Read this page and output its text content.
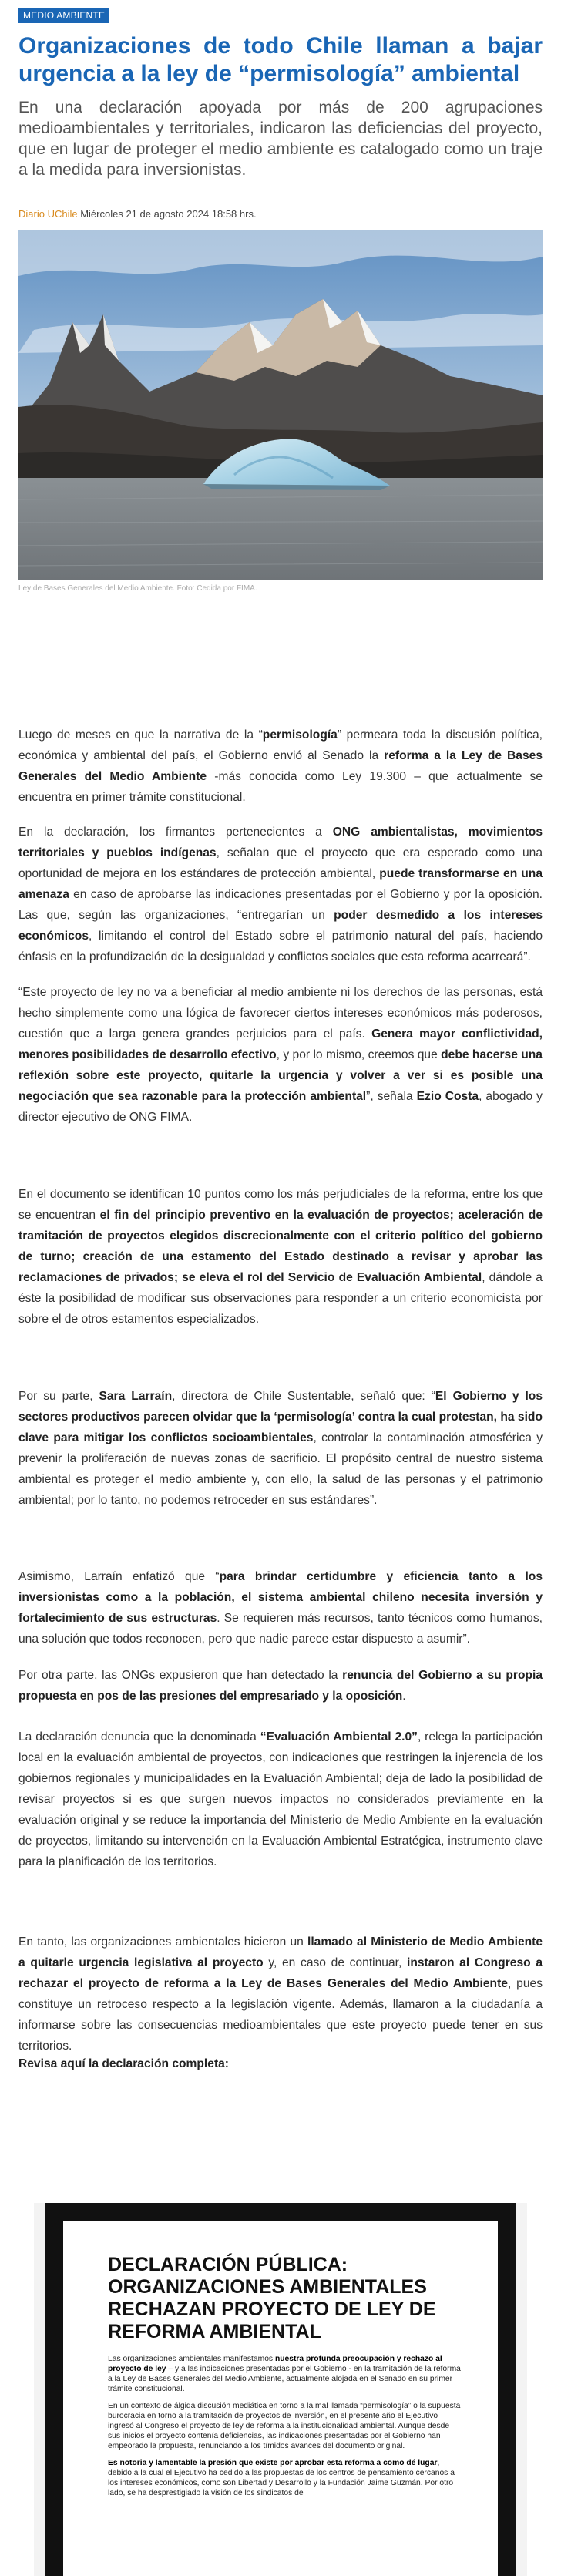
MEDIO AMBIENTE
Organizaciones de todo Chile llaman a bajar urgencia a la ley de “permisología” ambiental

En una declaración apoyada por más de 200 agrupaciones medioambientales y territoriales, indicaron las deficiencias del proyecto, que en lugar de proteger el medio ambiente es catalogado como un traje a la medida para inversionistas.

Diario UChile Miércoles 21 de agosto 2024 18:58 hrs.
Ley de Bases Generales del Medio Ambiente. Foto: Cedida por FIMA.

Luego de meses en que la narrativa de la “permisología” permeara toda la discusión política, económica y ambiental del país, el Gobierno envió al Senado la reforma a la Ley de Bases Generales del Medio Ambiente -más conocida como Ley 19.300 – que actualmente se encuentra en primer trámite constitucional.

En la declaración, los firmantes pertenecientes a ONG ambientalistas, movimientos territoriales y pueblos indígenas, señalan que el proyecto que era esperado como una oportunidad de mejora en los estándares de protección ambiental, puede transformarse en una amenaza en caso de aprobarse las indicaciones presentadas por el Gobierno y por la oposición. Las que, según las organizaciones, “entregarían un poder desmedido a los intereses económicos, limitando el control del Estado sobre el patrimonio natural del país, haciendo énfasis en la profundización de la desigualdad y conflictos sociales que esta reforma acarreará”.

“Este proyecto de ley no va a beneficiar al medio ambiente ni los derechos de las personas, está hecho simplemente como una lógica de favorecer ciertos intereses económicos más poderosos, cuestión que a larga genera grandes perjuicios para el país. Genera mayor conflictividad, menores posibilidades de desarrollo efectivo, y por lo mismo, creemos que debe hacerse una reflexión sobre este proyecto, quitarle la urgencia y volver a ver si es posible una negociación que sea razonable para la protección ambiental”, señala Ezio Costa, abogado y director ejecutivo de ONG FIMA.

En el documento se identifican 10 puntos como los más perjudiciales de la reforma, entre los que se encuentran el fin del principio preventivo en la evaluación de proyectos; aceleración de tramitación de proyectos elegidos discrecionalmente con el criterio político del gobierno de turno; creación de una estamento del Estado destinado a revisar y aprobar las reclamaciones de privados; se eleva el rol del Servicio de Evaluación Ambiental, dándole a éste la posibilidad de modificar sus observaciones para responder a un criterio economicista por sobre el de otros estamentos especializados.

Por su parte, Sara Larraín, directora de Chile Sustentable, señaló que: “El Gobierno y los sectores productivos parecen olvidar que la ‘permisología’ contra la cual protestan, ha sido clave para mitigar los conflictos socioambientales, controlar la contaminación atmosférica y prevenir la proliferación de nuevas zonas de sacrificio. El propósito central de nuestro sistema ambiental es proteger el medio ambiente y, con ello, la salud de las personas y el patrimonio ambiental; por lo tanto, no podemos retroceder en sus estándares”.

Asimismo, Larraín enfatizó que “para brindar certidumbre y eficiencia tanto a los inversionistas como a la población, el sistema ambiental chileno necesita inversión y fortalecimiento de sus estructuras. Se requieren más recursos, tanto técnicos como humanos, una solución que todos reconocen, pero que nadie parece estar dispuesto a asumir”.

Por otra parte, las ONGs expusieron que han detectado la renuncia del Gobierno a su propia propuesta en pos de las presiones del empresariado y la oposición.

La declaración denuncia que la denominada “Evaluación Ambiental 2.0”, relega la participación local en la evaluación ambiental de proyectos, con indicaciones que restringen la injerencia de los gobiernos regionales y municipalidades en la Evaluación Ambiental; deja de lado la posibilidad de revisar proyectos si es que surgen nuevos impactos no considerados previamente en la evaluación original y se reduce la importancia del Ministerio de Medio Ambiente en la evaluación de proyectos, limitando su intervención en la Evaluación Ambiental Estratégica, instrumento clave para la planificación de los territorios.

En tanto, las organizaciones ambientales hicieron un llamado al Ministerio de Medio Ambiente a quitarle urgencia legislativa al proyecto y, en caso de continuar, instaron al Congreso a rechazar el proyecto de reforma a la Ley de Bases Generales del Medio Ambiente, pues constituye un retroceso respecto a la legislación vigente. Además, llamaron a la ciudadanía a informarse sobre las consecuencias medioambientales que este proyecto puede tener en sus territorios.

Revisa aquí la declaración completa:

DECLARACIÓN PÚBLICA: ORGANIZACIONES AMBIENTALES RECHAZAN PROYECTO DE LEY DE REFORMA AMBIENTAL

Las organizaciones ambientales manifestamos nuestra profunda preocupación y rechazo al proyecto de ley – y a las indicaciones presentadas por el Gobierno - en la tramitación de la reforma a la Ley de Bases Generales del Medio Ambiente, actualmente alojada en el Senado en su primer trámite constitucional.

En un contexto de álgida discusión mediática en torno a la mal llamada “permisología” o la supuesta burocracia en torno a la tramitación de proyectos de inversión, en el presente año el Ejecutivo ingresó al Congreso el proyecto de ley de reforma a la institucionalidad ambiental. Aunque desde sus inicios el proyecto contenía deficiencias, las indicaciones presentadas por el Gobierno han empeorado la propuesta, renunciando a los tímidos avances del documento original.

Es notoria y lamentable la presión que existe por aprobar esta reforma a como dé lugar, debido a la cual el Ejecutivo ha cedido a las propuestas de los centros de pensamiento cercanos a los intereses económicos, como son Libertad y Desarrollo y la Fundación Jaime Guzmán. Por otro lado, se ha desprestigiado la visión de los sindicatos de
